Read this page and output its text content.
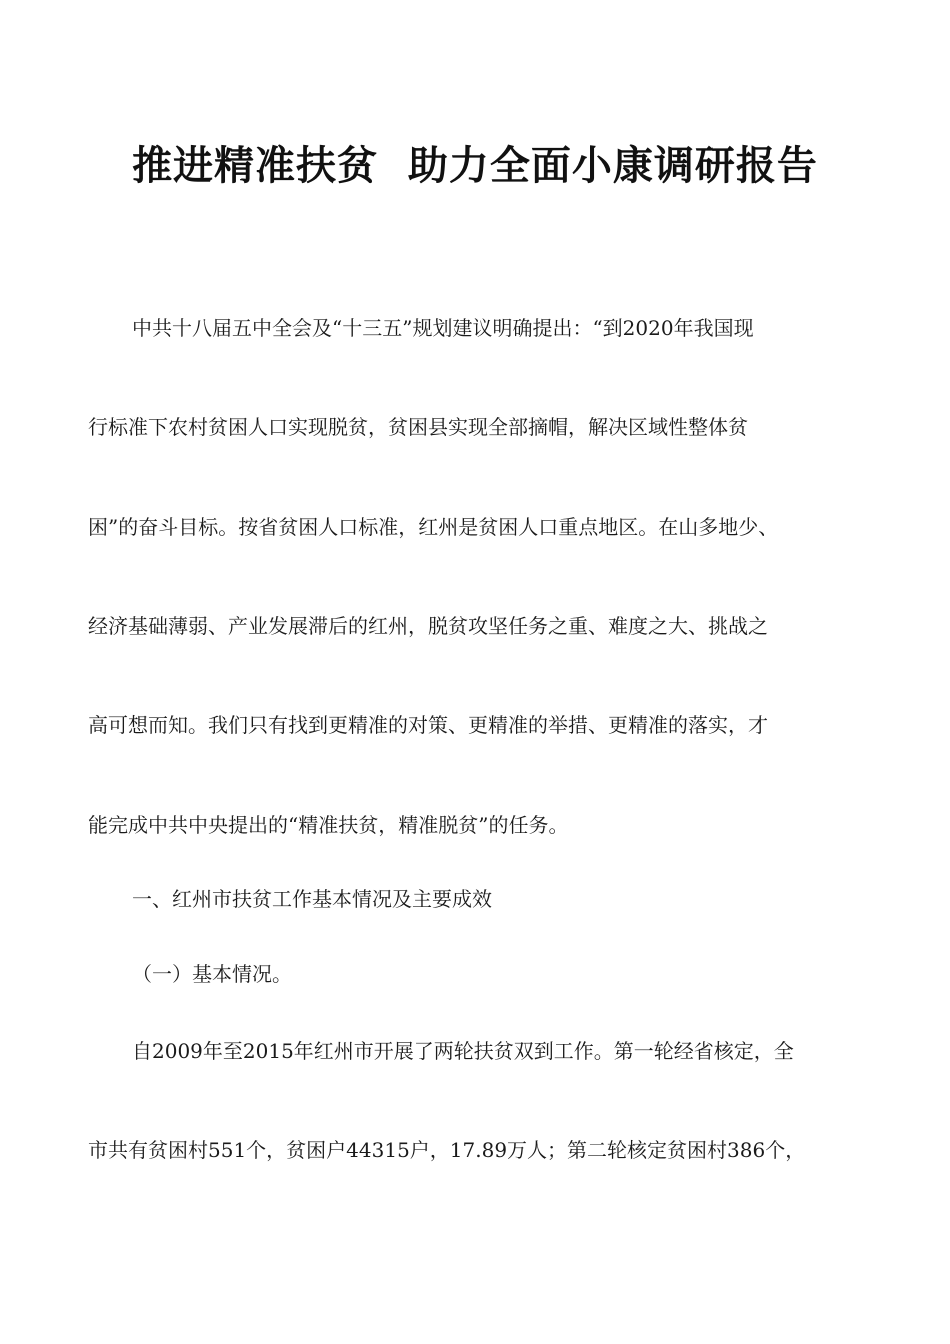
推进精准扶贫  助力全面小康调研报告
中共十八届五中全会及“十三五”规划建议明确提出：“到2020年我国现
行标准下农村贫困人口实现脱贫，贫困县实现全部摘帽，解决区域性整体贫
困”的奋斗目标。按省贫困人口标准，红州是贫困人口重点地区。在山多地少、
经济基础薄弱、产业发展滞后的红州，脱贫攻坚任务之重、难度之大、挑战之
高可想而知。我们只有找到更精准的对策、更精准的举措、更精准的落实，才
能完成中共中央提出的“精准扶贫，精准脱贫”的任务。
一、红州市扶贫工作基本情况及主要成效
（一）基本情况。
自2009年至2015年红州市开展了两轮扶贫双到工作。第一轮经省核定，全
市共有贫困村551个，贫困户44315户，17.89万人；第二轮核定贫困村386个，
